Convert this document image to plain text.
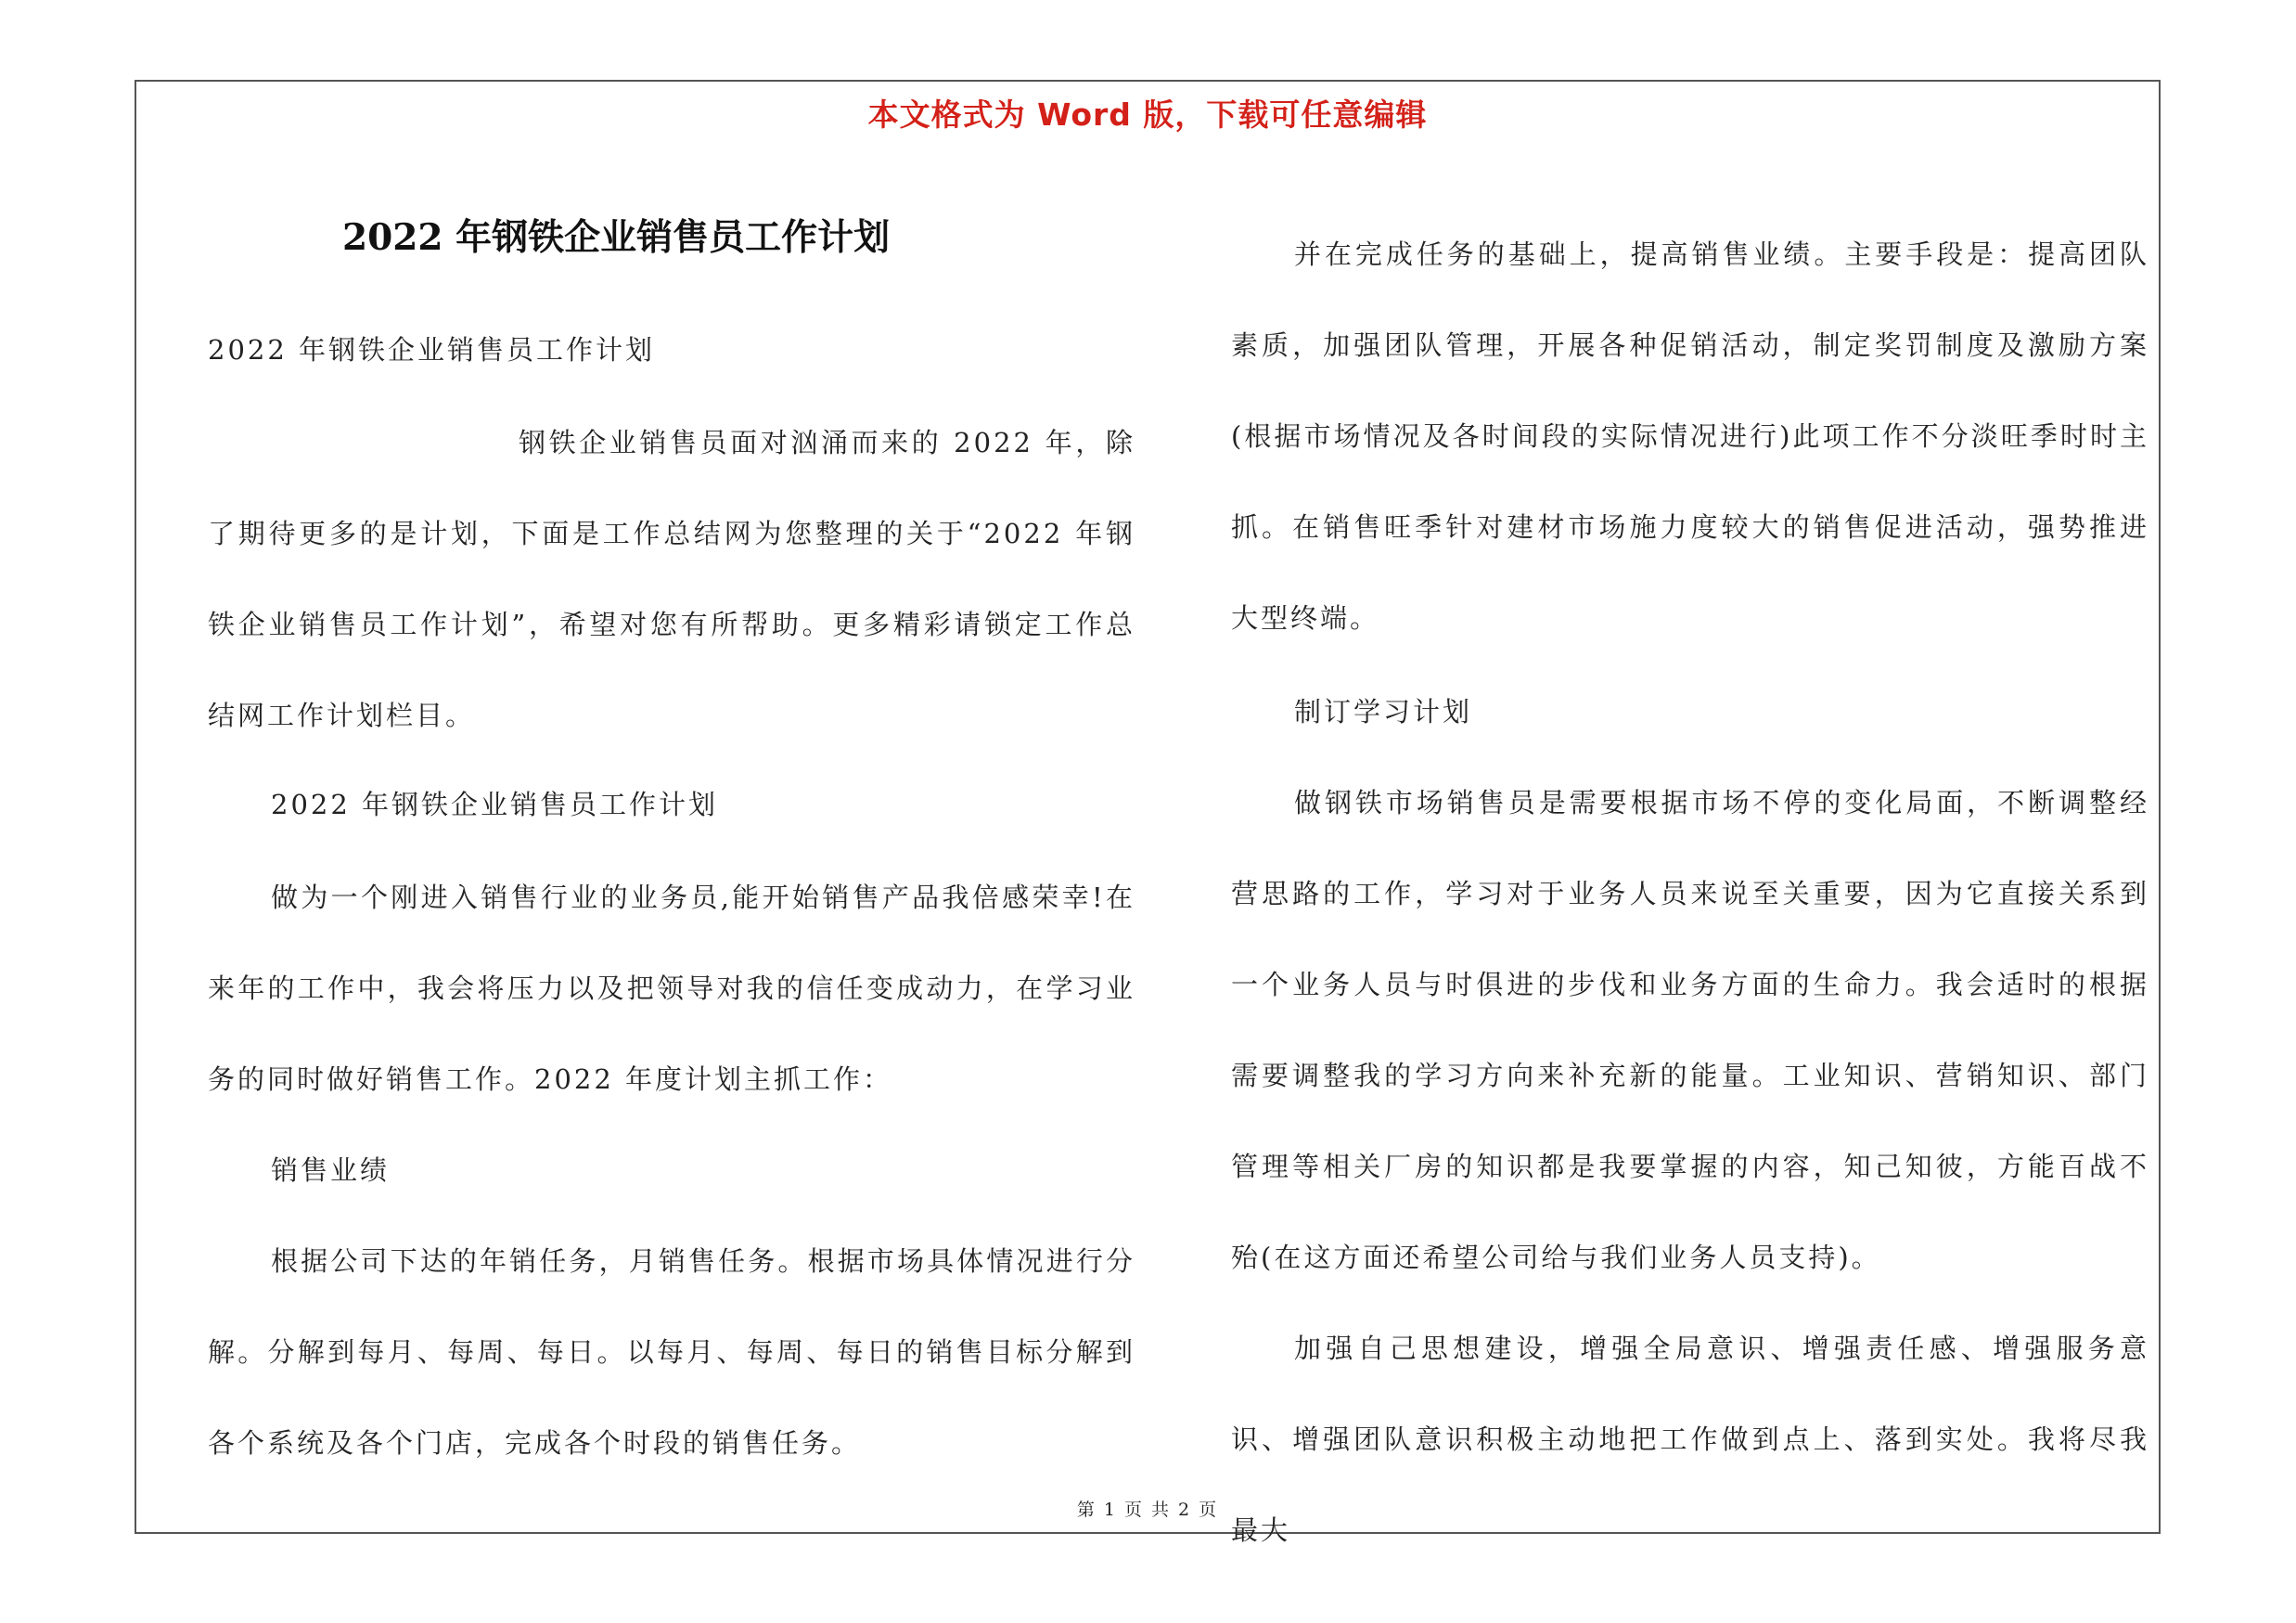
本文格式为 Word 版，下载可任意编辑
2022 年钢铁企业销售员工作计划

2022 年钢铁企业销售员工作计划

钢铁企业销售员面对汹涌而来的 2022 年，除了期待更多的是计划，下面是工作总结网为您整理的关于“2022 年钢铁企业销售员工作计划”，希望对您有所帮助。更多精彩请锁定工作总结网工作计划栏目。

2022 年钢铁企业销售员工作计划

做为一个刚进入销售行业的业务员,能开始销售产品我倍感荣幸!在来年的工作中，我会将压力以及把领导对我的信任变成动力，在学习业务的同时做好销售工作。2022 年度计划主抓工作：

销售业绩

根据公司下达的年销任务，月销售任务。根据市场具体情况进行分解。分解到每月、每周、每日。以每月、每周、每日的销售目标分解到各个系统及各个门店，完成各个时段的销售任务。

并在完成任务的基础上，提高销售业绩。主要手段是：提高团队素质，加强团队管理，开展各种促销活动，制定奖罚制度及激励方案(根据市场情况及各时间段的实际情况进行)此项工作不分淡旺季时时主抓。在销售旺季针对建材市场施力度较大的销售促进活动，强势推进大型终端。

制订学习计划

做钢铁市场销售员是需要根据市场不停的变化局面，不断调整经营思路的工作，学习对于业务人员来说至关重要，因为它直接关系到一个业务人员与时俱进的步伐和业务方面的生命力。我会适时的根据需要调整我的学习方向来补充新的能量。工业知识、营销知识、部门管理等相关厂房的知识都是我要掌握的内容，知己知彼，方能百战不殆(在这方面还希望公司给与我们业务人员支持)。

加强自己思想建设，增强全局意识、增强责任感、增强服务意识、增强团队意识积极主动地把工作做到点上、落到实处。我将尽我最大

第 1 页 共 2 页
